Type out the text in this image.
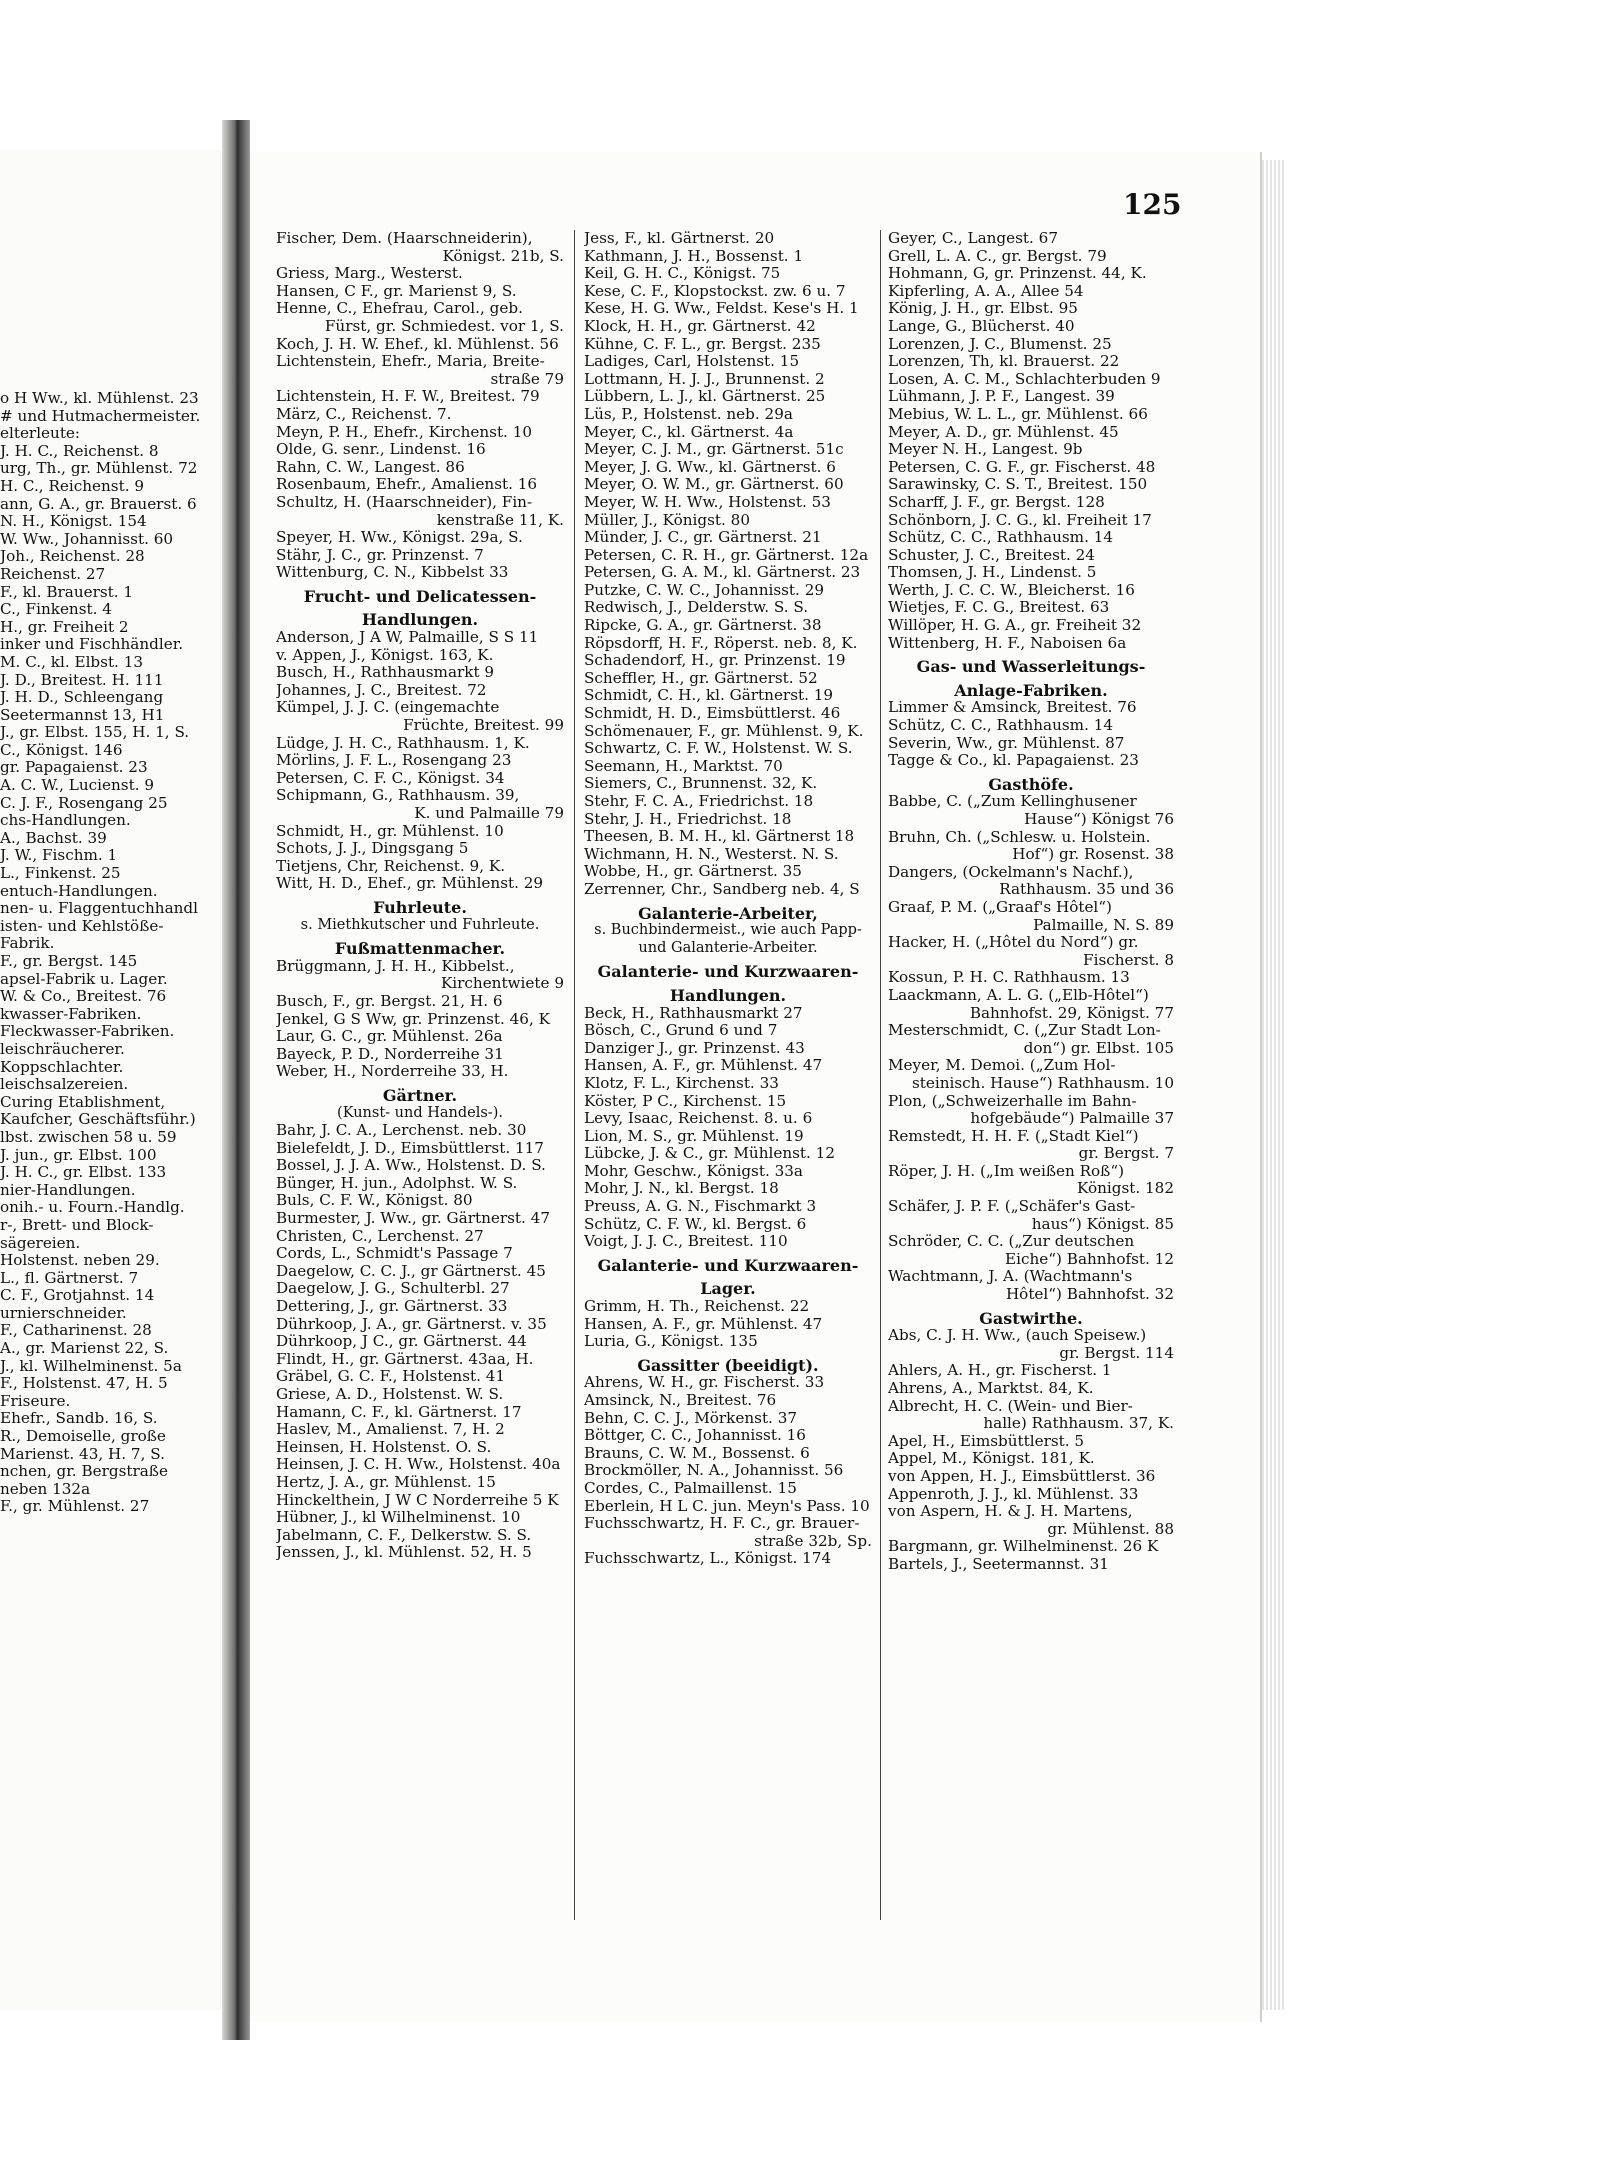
o H Ww., kl. Mühlenst. 23
# und Hutmachermeister.
elterleute:
J. H. C., Reichenst. 8
urg, Th., gr. Mühlenst. 72
H. C., Reichenst. 9
ann, G. A., gr. Brauerst. 6
N. H., Königst. 154
W. Ww., Johannisst. 60
Joh., Reichenst. 28
Reichenst. 27
F., kl. Brauerst. 1
C., Finkenst. 4
H., gr. Freiheit 2
inker und Fischhändler.
M. C., kl. Elbst. 13
J. D., Breitest. H. 111
J. H. D., Schleengang
Seetermannst 13, H1
J., gr. Elbst. 155, H. 1, S.
C., Königst. 146
gr. Papagaienst. 23
A. C. W., Lucienst. 9
C. J. F., Rosengang 25
chs-Handlungen.
A., Bachst. 39
J. W., Fischm. 1
L., Finkenst. 25
entuch-Handlungen.
nen- u. Flaggentuchhandl
isten- und Kehlstöße-
Fabrik.
F., gr. Bergst. 145
apsel-Fabrik u. Lager.
W. & Co., Breitest. 76
kwasser-Fabriken.
Fleckwasser-Fabriken.
leischräucherer.
Koppschlachter.
leischsalzereien.
Curing Etablishment,
Kaufcher, Geschäftsführ.)
lbst. zwischen 58 u. 59
J. jun., gr. Elbst. 100
J. H. C., gr. Elbst. 133
nier-Handlungen.
onih.- u. Fourn.-Handlg.
r-, Brett- und Block-
sägereien.
Holstenst. neben 29.
L., fl. Gärtnerst. 7
C. F., Grotjahnst. 14
urnierschneider.
F., Catharinenst. 28
A., gr. Marienst 22, S.
J., kl. Wilhelminenst. 5a
F., Holstenst. 47, H. 5
Friseure.
Ehefr., Sandb. 16, S.
R., Demoiselle, große
Marienst. 43, H. 7, S.
nchen, gr. Bergstraße
neben 132a
F., gr. Mühlenst. 27
125
Fischer, Dem. (Haarschneiderin),
Königst. 21b, S.
Griess, Marg., Westerst.
Hansen, C F., gr. Marienst 9, S.
Henne, C., Ehefrau, Carol., geb.
Fürst, gr. Schmiedest. vor 1, S.
Koch, J. H. W. Ehef., kl. Mühlenst. 56
Lichtenstein, Ehefr., Maria, Breite-
straße 79
Lichtenstein, H. F. W., Breitest. 79
März, C., Reichenst. 7.
Meyn, P. H., Ehefr., Kirchenst. 10
Olde, G. senr., Lindenst. 16
Rahn, C. W., Langest. 86
Rosenbaum, Ehefr., Amalienst. 16
Schultz, H. (Haarschneider), Fin-
kenstraße 11, K.
Speyer, H. Ww., Königst. 29a, S.
Stähr, J. C., gr. Prinzenst. 7
Wittenburg, C. N., Kibbelst 33
Frucht- und Delicatessen-
Handlungen.
Anderson, J A W, Palmaille, S S 11
v. Appen, J., Königst. 163, K.
Busch, H., Rathhausmarkt 9
Johannes, J. C., Breitest. 72
Kümpel, J. J. C. (eingemachte
Früchte, Breitest. 99
Lüdge, J. H. C., Rathhausm. 1, K.
Mörlins, J. F. L., Rosengang 23
Petersen, C. F. C., Königst. 34
Schipmann, G., Rathhausm. 39,
K. und Palmaille 79
Schmidt, H., gr. Mühlenst. 10
Schots, J. J., Dingsgang 5
Tietjens, Chr, Reichenst. 9, K.
Witt, H. D., Ehef., gr. Mühlenst. 29
Fuhrleute.
s. Miethkutscher und Fuhrleute.
Fußmattenmacher.
Brüggmann, J. H. H., Kibbelst.,
Kirchentwiete 9
Busch, F., gr. Bergst. 21, H. 6
Jenkel, G S Ww, gr. Prinzenst. 46, K
Laur, G. C., gr. Mühlenst. 26a
Bayeck, P. D., Norderreihe 31
Weber, H., Norderreihe 33, H.
Gärtner.
(Kunst- und Handels-).
Bahr, J. C. A., Lerchenst. neb. 30
Bielefeldt, J. D., Eimsbüttlerst. 117
Bossel, J. J. A. Ww., Holstenst. D. S.
Bünger, H. jun., Adolphst. W. S.
Buls, C. F. W., Königst. 80
Burmester, J. Ww., gr. Gärtnerst. 47
Christen, C., Lerchenst. 27
Cords, L., Schmidt's Passage 7
Daegelow, C. C. J., gr Gärtnerst. 45
Daegelow, J. G., Schulterbl. 27
Dettering, J., gr. Gärtnerst. 33
Dührkoop, J. A., gr. Gärtnerst. v. 35
Dührkoop, J C., gr. Gärtnerst. 44
Flindt, H., gr. Gärtnerst. 43aa, H.
Gräbel, G. C. F., Holstenst. 41
Griese, A. D., Holstenst. W. S.
Hamann, C. F., kl. Gärtnerst. 17
Haslev, M., Amalienst. 7, H. 2
Heinsen, H. Holstenst. O. S.
Heinsen, J. C. H. Ww., Holstenst. 40a
Hertz, J. A., gr. Mühlenst. 15
Hinckelthein, J W C Norderreihe 5 K
Hübner, J., kl Wilhelminenst. 10
Jabelmann, C. F., Delkerstw. S. S.
Jenssen, J., kl. Mühlenst. 52, H. 5
Jess, F., kl. Gärtnerst. 20
Kathmann, J. H., Bossenst. 1
Keil, G. H. C., Königst. 75
Kese, C. F., Klopstockst. zw. 6 u. 7
Kese, H. G. Ww., Feldst. Kese's H. 1
Klock, H. H., gr. Gärtnerst. 42
Kühne, C. F. L., gr. Bergst. 235
Ladiges, Carl, Holstenst. 15
Lottmann, H. J. J., Brunnenst. 2
Lübbern, L. J., kl. Gärtnerst. 25
Lüs, P., Holstenst. neb. 29a
Meyer, C., kl. Gärtnerst. 4a
Meyer, C. J. M., gr. Gärtnerst. 51c
Meyer, J. G. Ww., kl. Gärtnerst. 6
Meyer, O. W. M., gr. Gärtnerst. 60
Meyer, W. H. Ww., Holstenst. 53
Müller, J., Königst. 80
Münder, J. C., gr. Gärtnerst. 21
Petersen, C. R. H., gr. Gärtnerst. 12a
Petersen, G. A. M., kl. Gärtnerst. 23
Putzke, C. W. C., Johannisst. 29
Redwisch, J., Delderstw. S. S.
Ripcke, G. A., gr. Gärtnerst. 38
Röpsdorff, H. F., Röperst. neb. 8, K.
Schadendorf, H., gr. Prinzenst. 19
Scheffler, H., gr. Gärtnerst. 52
Schmidt, C. H., kl. Gärtnerst. 19
Schmidt, H. D., Eimsbüttlerst. 46
Schömenauer, F., gr. Mühlenst. 9, K.
Schwartz, C. F. W., Holstenst. W. S.
Seemann, H., Marktst. 70
Siemers, C., Brunnenst. 32, K.
Stehr, F. C. A., Friedrichst. 18
Stehr, J. H., Friedrichst. 18
Theesen, B. M. H., kl. Gärtnerst 18
Wichmann, H. N., Westerst. N. S.
Wobbe, H., gr. Gärtnerst. 35
Zerrenner, Chr., Sandberg neb. 4, S
Galanterie-Arbeiter,
s. Buchbindermeist., wie auch Papp-
und Galanterie-Arbeiter.
Galanterie- und Kurzwaaren-
Handlungen.
Beck, H., Rathhausmarkt 27
Bösch, C., Grund 6 und 7
Danziger J., gr. Prinzenst. 43
Hansen, A. F., gr. Mühlenst. 47
Klotz, F. L., Kirchenst. 33
Köster, P C., Kirchenst. 15
Levy, Isaac, Reichenst. 8. u. 6
Lion, M. S., gr. Mühlenst. 19
Lübcke, J. & C., gr. Mühlenst. 12
Mohr, Geschw., Königst. 33a
Mohr, J. N., kl. Bergst. 18
Preuss, A. G. N., Fischmarkt 3
Schütz, C. F. W., kl. Bergst. 6
Voigt, J. J. C., Breitest. 110
Galanterie- und Kurzwaaren-
Lager.
Grimm, H. Th., Reichenst. 22
Hansen, A. F., gr. Mühlenst. 47
Luria, G., Königst. 135
Gassitter (beeidigt).
Ahrens, W. H., gr. Fischerst. 33
Amsinck, N., Breitest. 76
Behn, C. C. J., Mörkenst. 37
Böttger, C. C., Johannisst. 16
Brauns, C. W. M., Bossenst. 6
Brockmöller, N. A., Johannisst. 56
Cordes, C., Palmaillenst. 15
Eberlein, H L C. jun. Meyn's Pass. 10
Fuchsschwartz, H. F. C., gr. Brauer-
straße 32b, Sp.
Fuchsschwartz, L., Königst. 174
Geyer, C., Langest. 67
Grell, L. A. C., gr. Bergst. 79
Hohmann, G, gr. Prinzenst. 44, K.
Kipferling, A. A., Allee 54
König, J. H., gr. Elbst. 95
Lange, G., Blücherst. 40
Lorenzen, J. C., Blumenst. 25
Lorenzen, Th, kl. Brauerst. 22
Losen, A. C. M., Schlachterbuden 9
Lühmann, J. P. F., Langest. 39
Mebius, W. L. L., gr. Mühlenst. 66
Meyer, A. D., gr. Mühlenst. 45
Meyer N. H., Langest. 9b
Petersen, C. G. F., gr. Fischerst. 48
Sarawinsky, C. S. T., Breitest. 150
Scharff, J. F., gr. Bergst. 128
Schönborn, J. C. G., kl. Freiheit 17
Schütz, C. C., Rathhausm. 14
Schuster, J. C., Breitest. 24
Thomsen, J. H., Lindenst. 5
Werth, J. C. C. W., Bleicherst. 16
Wietjes, F. C. G., Breitest. 63
Willöper, H. G. A., gr. Freiheit 32
Wittenberg, H. F., Naboisen 6a
Gas- und Wasserleitungs-
Anlage-Fabriken.
Limmer & Amsinck, Breitest. 76
Schütz, C. C., Rathhausm. 14
Severin, Ww., gr. Mühlenst. 87
Tagge & Co., kl. Papagaienst. 23
Gasthöfe.
Babbe, C. („Zum Kellinghusener
Hause“) Königst 76
Bruhn, Ch. („Schlesw. u. Holstein.
Hof“) gr. Rosenst. 38
Dangers, (Ockelmann's Nachf.),
Rathhausm. 35 und 36
Graaf, P. M. („Graaf's Hôtel“)
Palmaille, N. S. 89
Hacker, H. („Hôtel du Nord“) gr.
Fischerst. 8
Kossun, P. H. C. Rathhausm. 13
Laackmann, A. L. G. („Elb-Hôtel“)
Bahnhofst. 29, Königst. 77
Mesterschmidt, C. („Zur Stadt Lon-
don“) gr. Elbst. 105
Meyer, M. Demoi. („Zum Hol-
steinisch. Hause“) Rathhausm. 10
Plon, („Schweizerhalle im Bahn-
hofgebäude“) Palmaille 37
Remstedt, H. H. F. („Stadt Kiel“)
gr. Bergst. 7
Röper, J. H. („Im weißen Roß“)
Königst. 182
Schäfer, J. P. F. („Schäfer's Gast-
haus“) Königst. 85
Schröder, C. C. („Zur deutschen
Eiche“) Bahnhofst. 12
Wachtmann, J. A. (Wachtmann's
Hôtel“) Bahnhofst. 32
Gastwirthe.
Abs, C. J. H. Ww., (auch Speisew.)
gr. Bergst. 114
Ahlers, A. H., gr. Fischerst. 1
Ahrens, A., Marktst. 84, K.
Albrecht, H. C. (Wein- und Bier-
halle) Rathhausm. 37, K.
Apel, H., Eimsbüttlerst. 5
Appel, M., Königst. 181, K.
von Appen, H. J., Eimsbüttlerst. 36
Appenroth, J. J., kl. Mühlenst. 33
von Aspern, H. & J. H. Martens,
gr. Mühlenst. 88
Bargmann, gr. Wilhelminenst. 26 K
Bartels, J., Seetermannst. 31
